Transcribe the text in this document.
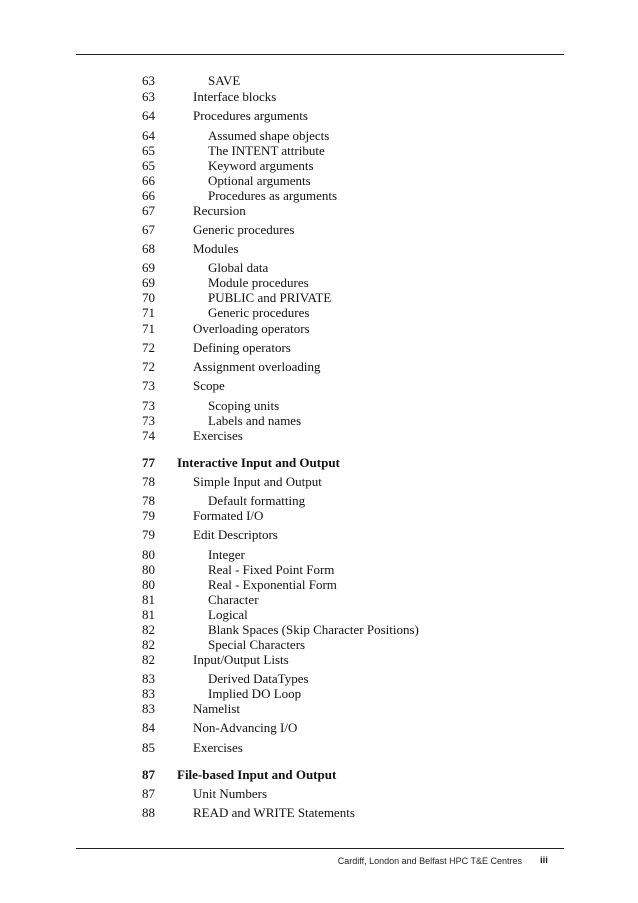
63	SAVE
63	Interface blocks
64	Procedures arguments
64	Assumed shape objects
65	The INTENT attribute
65	Keyword arguments
66	Optional arguments
66	Procedures as arguments
67	Recursion
67	Generic procedures
68	Modules
69	Global data
69	Module procedures
70	PUBLIC and PRIVATE
71	Generic procedures
71	Overloading operators
72	Defining operators
72	Assignment overloading
73	Scope
73	Scoping units
73	Labels and names
74	Exercises
77 Interactive Input and Output
78	Simple Input and Output
78	Default formatting
79	Formated I/O
79	Edit Descriptors
80	Integer
80	Real - Fixed Point Form
80	Real - Exponential Form
81	Character
81	Logical
82	Blank Spaces (Skip Character Positions)
82	Special Characters
82	Input/Output Lists
83	Derived DataTypes
83	Implied DO Loop
83	Namelist
84	Non-Advancing I/O
85	Exercises
87 File-based Input and Output
87	Unit Numbers
88	READ and WRITE Statements
Cardiff, London and Belfast HPC T&E Centres iii
